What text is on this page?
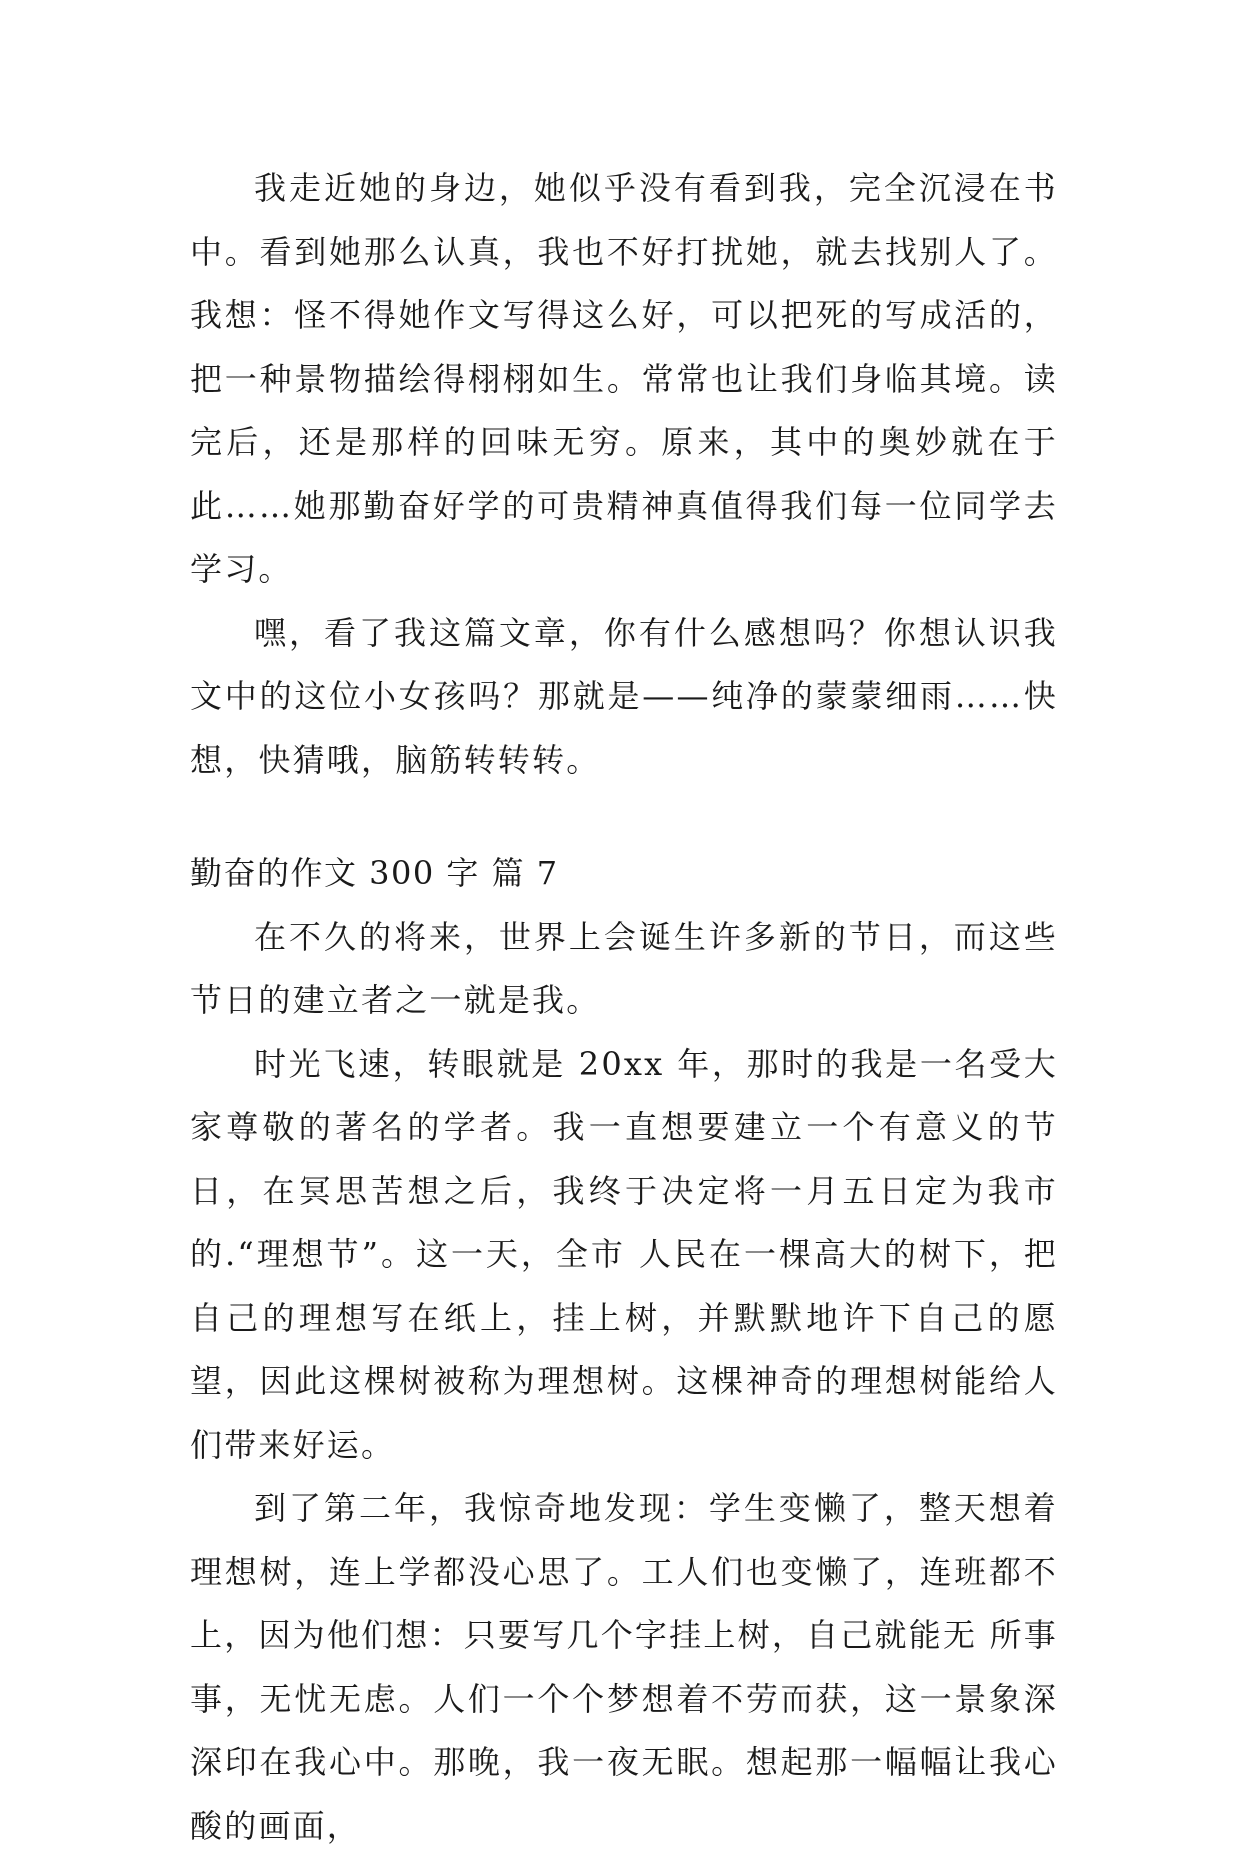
我走近她的身边，她似乎没有看到我，完全沉浸在书中。看到她那么认真，我也不好打扰她，就去找别人了。我想：怪不得她作文写得这么好，可以把死的写成活的，把一种景物描绘得栩栩如生。常常也让我们身临其境。读完后，还是那样的回味无穷。原来，其中的奥妙就在于此……她那勤奋好学的可贵精神真值得我们每一位同学去学习。

嘿，看了我这篇文章，你有什么感想吗？你想认识我文中的这位小女孩吗？那就是——纯净的蒙蒙细雨……快想，快猜哦，脑筋转转转。

勤奋的作文 300 字 篇 7

在不久的将来，世界上会诞生许多新的节日，而这些节日的建立者之一就是我。

时光飞速，转眼就是 20xx 年，那时的我是一名受大家尊敬的著名的学者。我一直想要建立一个有意义的节日，在冥思苦想之后，我终于决定将一月五日定为我市的.“理想节”。这一天，全市 人民在一棵高大的树下，把自己的理想写在纸上，挂上树，并默默地许下自己的愿望，因此这棵树被称为理想树。这棵神奇的理想树能给人们带来好运。

到了第二年，我惊奇地发现：学生变懒了，整天想着理想树，连上学都没心思了。工人们也变懒了，连班都不上，因为他们想：只要写几个字挂上树，自己就能无 所事事，无忧无虑。人们一个个梦想着不劳而获，这一景象深深印在我心中。那晚，我一夜无眠。想起那一幅幅让我心酸的画面，
